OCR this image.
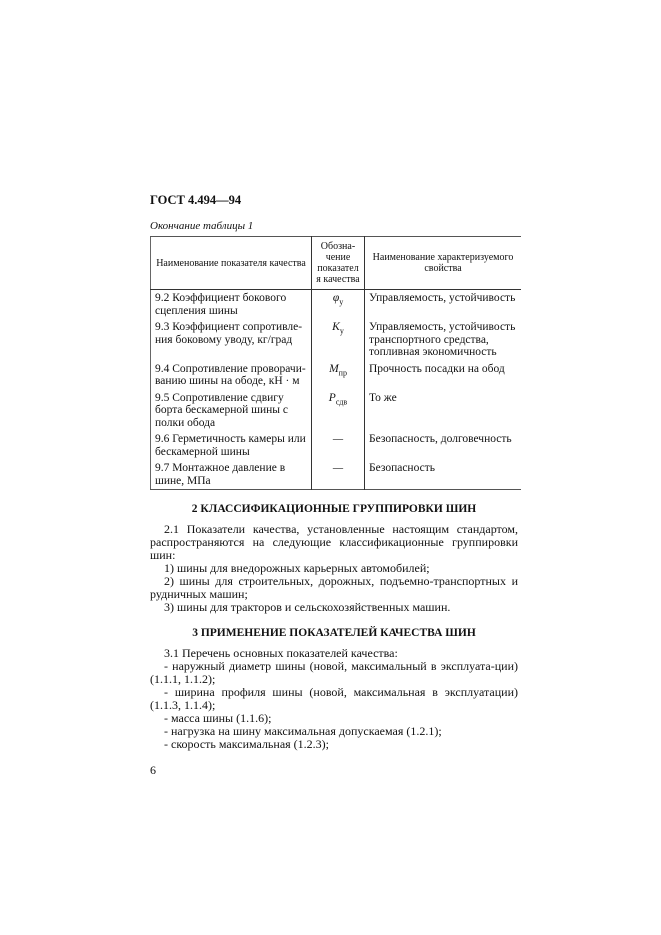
ГОСТ 4.494—94
Окончание таблицы 1
Наименование показателя качества	Обозна-чение показателя качества	Наименование характеризуемого свойства
9.2 Коэффициент бокового сцепления шины	$\varphi_у$	Управляемость, устойчивость
9.3 Коэффициент сопротивле-ния боковому уводу, кг/град	$K_у$	Управляемость, устойчивость транспортного средства, топливная экономичность
9.4 Сопротивление проворачи-ванию шины на ободе, кН · м	$M_{пр}$	Прочность посадки на обод
9.5 Сопротивление сдвигу борта бескамерной шины с полки обода	$P_{сдв}$	То же
9.6 Герметичность камеры или бескамерной шины	—	Безопасность, долговечность
9.7 Монтажное давление в шине, МПа	—	Безопасность
2 КЛАССИФИКАЦИОННЫЕ ГРУППИРОВКИ ШИН

2.1 Показатели качества, установленные настоящим стандартом, распространяются на следующие классификационные группировки шин:

1) шины для внедорожных карьерных автомобилей;

2) шины для строительных, дорожных, подъемно-транспортных и рудничных машин;

3) шины для тракторов и сельскохозяйственных машин.

3 ПРИМЕНЕНИЕ ПОКАЗАТЕЛЕЙ КАЧЕСТВА ШИН

3.1 Перечень основных показателей качества:

- наружный диаметр шины (новой, максимальный в эксплуата-ции) (1.1.1, 1.1.2);

- ширина профиля шины (новой, максимальная в эксплуатации) (1.1.3, 1.1.4);

- масса шины (1.1.6);

- нагрузка на шину максимальная допускаемая (1.2.1);

- скорость максимальная (1.2.3);

6
